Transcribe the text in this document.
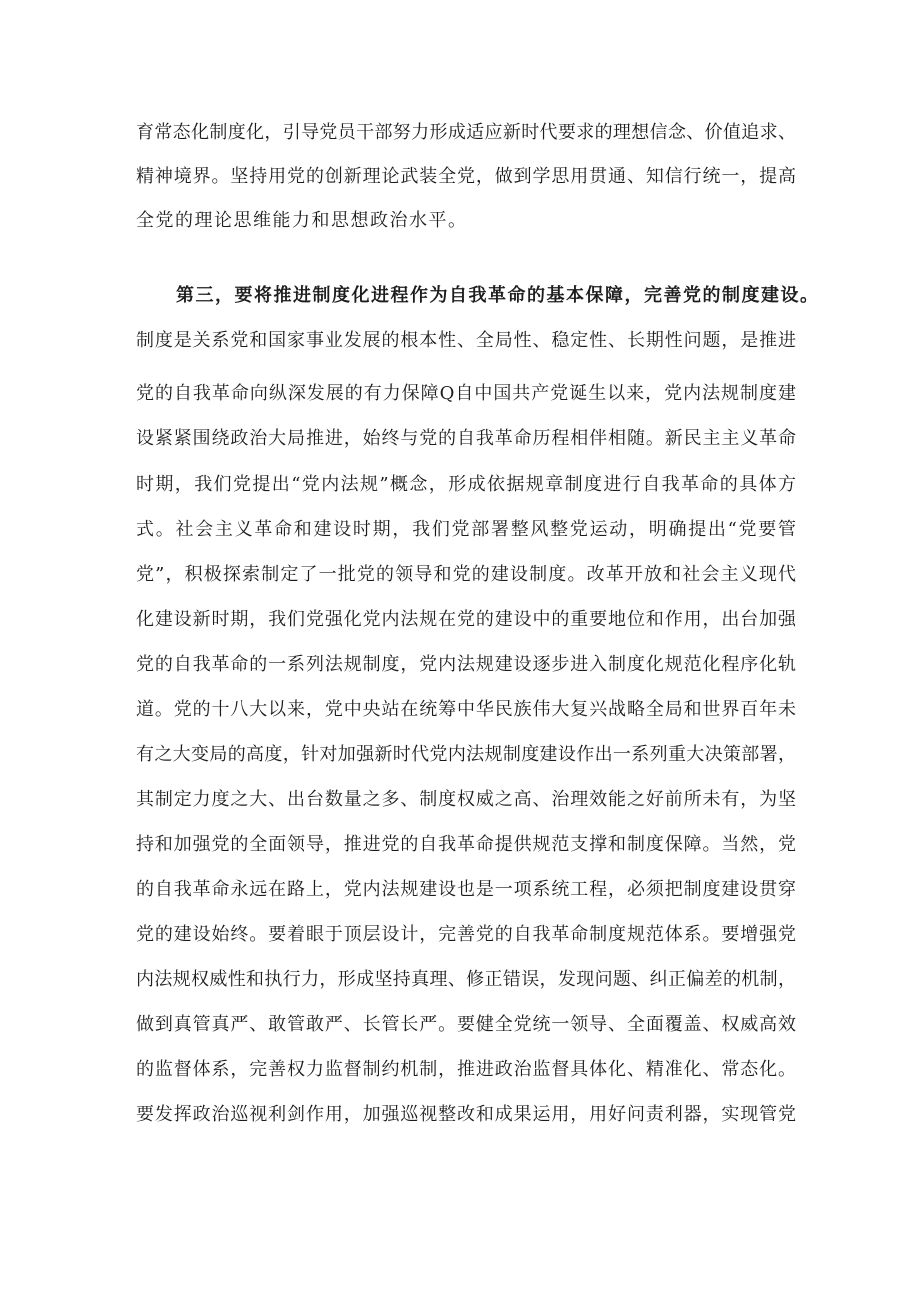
育常态化制度化，引导党员干部努力形成适应新时代要求的理想信念、价值追求、
精神境界。坚持用党的创新理论武装全党，做到学思用贯通、知信行统一，提高
全党的理论思维能力和思想政治水平。
第三，要将推进制度化进程作为自我革命的基本保障，完善党的制度建设。
制度是关系党和国家事业发展的根本性、全局性、稳定性、长期性问题，是推进
党的自我革命向纵深发展的有力保障Q自中国共产党诞生以来，党内法规制度建
设紧紧围绕政治大局推进，始终与党的自我革命历程相伴相随。新民主主义革命
时期，我们党提出“党内法规”概念，形成依据规章制度进行自我革命的具体方
式。社会主义革命和建设时期，我们党部署整风整党运动，明确提出“党要管
党”，积极探索制定了一批党的领导和党的建设制度。改革开放和社会主义现代
化建设新时期，我们党强化党内法规在党的建设中的重要地位和作用，出台加强
党的自我革命的一系列法规制度，党内法规建设逐步进入制度化规范化程序化轨
道。党的十八大以来，党中央站在统筹中华民族伟大复兴战略全局和世界百年未
有之大变局的高度，针对加强新时代党内法规制度建设作出一系列重大决策部署，
其制定力度之大、出台数量之多、制度权威之高、治理效能之好前所未有，为坚
持和加强党的全面领导，推进党的自我革命提供规范支撑和制度保障。当然，党
的自我革命永远在路上，党内法规建设也是一项系统工程，必须把制度建设贯穿
党的建设始终。要着眼于顶层设计，完善党的自我革命制度规范体系。要增强党
内法规权威性和执行力，形成坚持真理、修正错误，发现问题、纠正偏差的机制，
做到真管真严、敢管敢严、长管长严。要健全党统一领导、全面覆盖、权威高效
的监督体系，完善权力监督制约机制，推进政治监督具体化、精准化、常态化。
要发挥政治巡视利剑作用，加强巡视整改和成果运用，用好问责利器，实现管党
